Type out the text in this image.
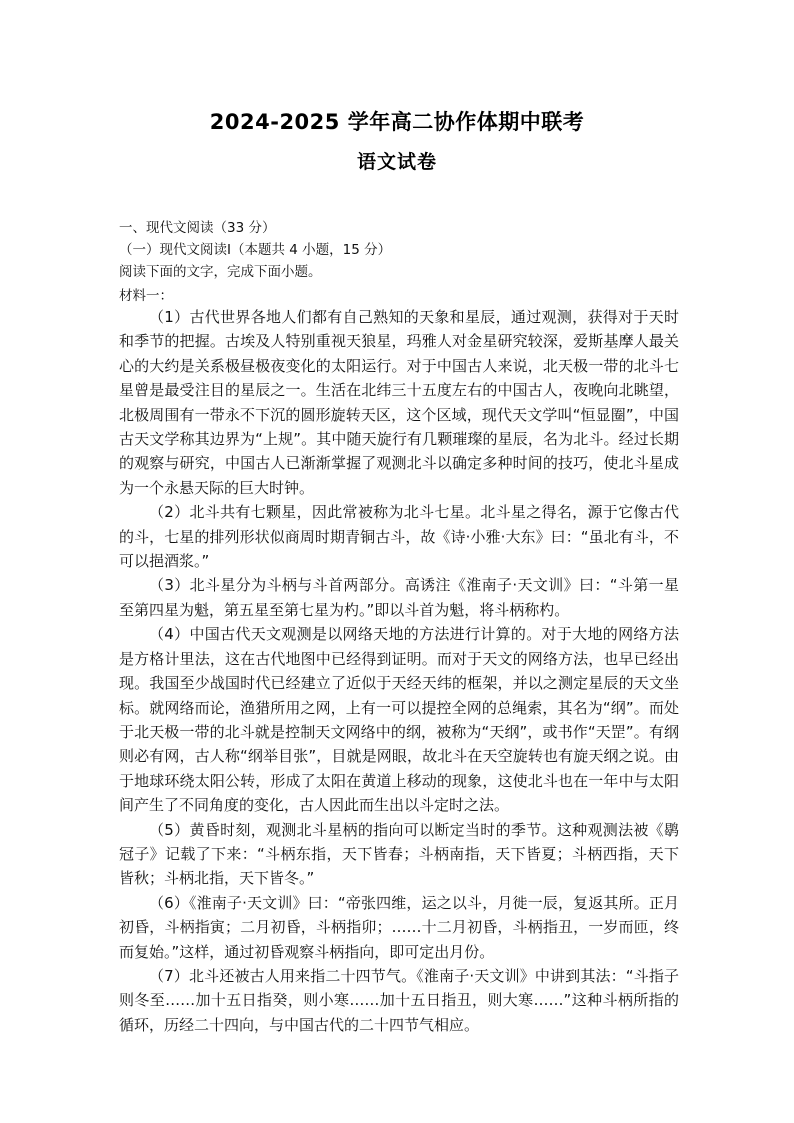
2024-2025 学年高二协作体期中联考
语文试卷
一、现代文阅读（33 分）
（一）现代文阅读Ⅰ（本题共 4 小题，15 分）
阅读下面的文字，完成下面小题。
材料一：

（1）古代世界各地人们都有自己熟知的天象和星辰，通过观测，获得对于天时和季节的把握。古埃及人特别重视天狼星，玛雅人对金星研究较深，爱斯基摩人最关心的大约是关系极昼极夜变化的太阳运行。对于中国古人来说，北天极一带的北斗七星曾是最受注目的星辰之一。生活在北纬三十五度左右的中国古人，夜晚向北眺望，北极周围有一带永不下沉的圆形旋转天区，这个区域，现代天文学叫“恒显圈”，中国古天文学称其边界为“上规”。其中随天旋行有几颗璀璨的星辰，名为北斗。经过长期的观察与研究，中国古人已渐渐掌握了观测北斗以确定多种时间的技巧，使北斗星成为一个永悬天际的巨大时钟。

（2）北斗共有七颗星，因此常被称为北斗七星。北斗星之得名，源于它像古代的斗，七星的排列形状似商周时期青铜古斗，故《诗·小雅·大东》曰：“虽北有斗，不可以挹酒浆。”

（3）北斗星分为斗柄与斗首两部分。高诱注《淮南子·天文训》曰：“斗第一星至第四星为魁，第五星至第七星为杓。”即以斗首为魁，将斗柄称杓。

（4）中国古代天文观测是以网络天地的方法进行计算的。对于大地的网络方法是方格计里法，这在古代地图中已经得到证明。而对于天文的网络方法，也早已经出现。我国至少战国时代已经建立了近似于天经天纬的框架，并以之测定星辰的天文坐标。就网络而论，渔猎所用之网，上有一可以提控全网的总绳索，其名为“纲”。而处于北天极一带的北斗就是控制天文网络中的纲，被称为“天纲”，或书作“天罡”。有纲则必有网，古人称“纲举目张”，目就是网眼，故北斗在天空旋转也有旋天纲之说。由于地球环绕太阳公转，形成了太阳在黄道上移动的现象，这使北斗也在一年中与太阳间产生了不同角度的变化，古人因此而生出以斗定时之法。

（5）黄昏时刻，观测北斗星柄的指向可以断定当时的季节。这种观测法被《鹖冠子》记载了下来：“斗柄东指，天下皆春；斗柄南指，天下皆夏；斗柄西指，天下皆秋；斗柄北指，天下皆冬。”

（6）《淮南子·天文训》曰：“帝张四维，运之以斗，月徙一辰，复返其所。正月初昏，斗柄指寅；二月初昏，斗柄指卯；……十二月初昏，斗柄指丑，一岁而匝，终而复始。”这样，通过初昏观察斗柄指向，即可定出月份。

（7）北斗还被古人用来指二十四节气。《淮南子·天文训》中讲到其法：“斗指子则冬至……加十五日指癸，则小寒……加十五日指丑，则大寒……”这种斗柄所指的循环，历经二十四向，与中国古代的二十四节气相应。
